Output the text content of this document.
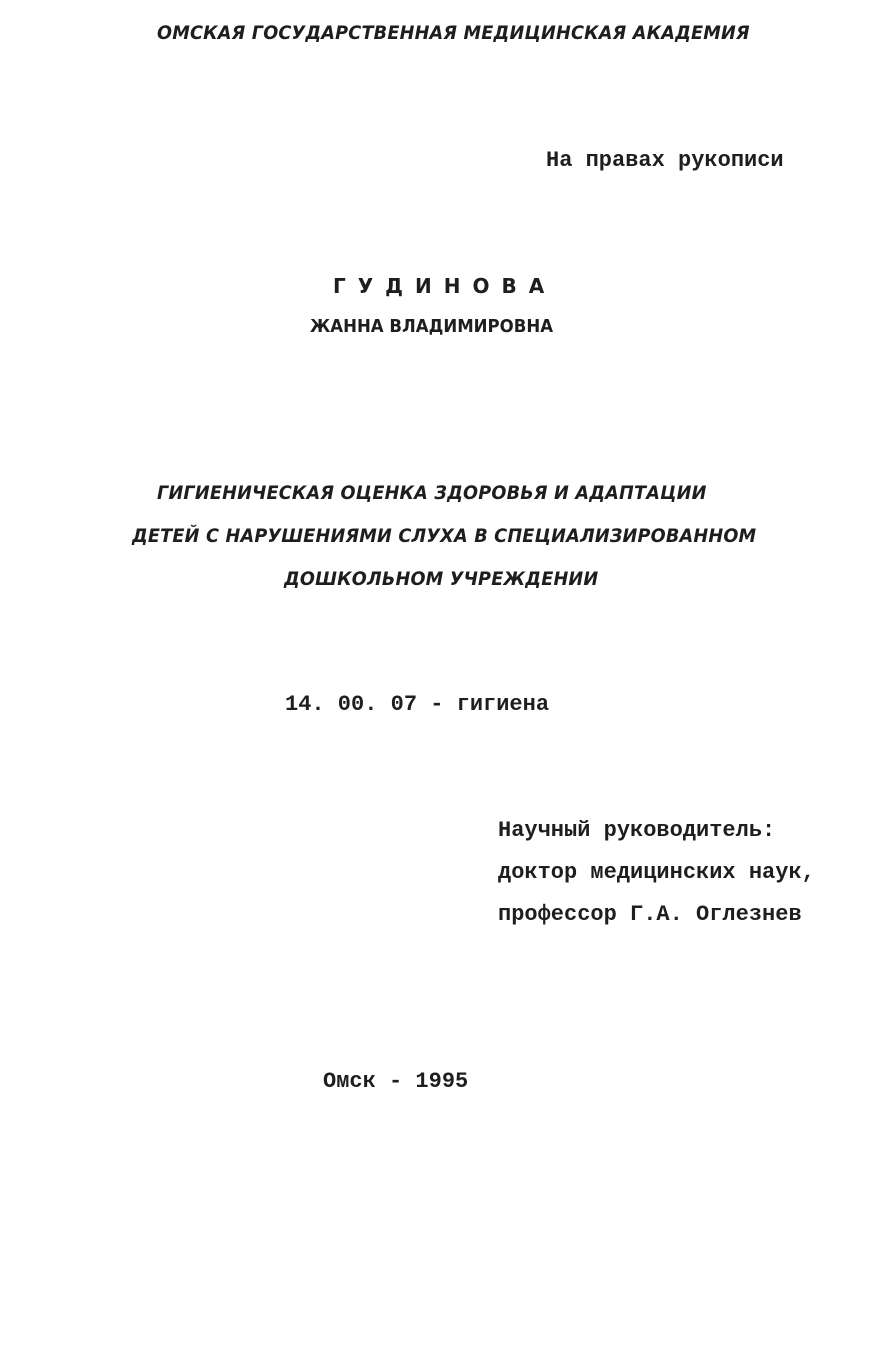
ОМСКАЯ ГОСУДАРСТВЕННАЯ МЕДИЦИНСКАЯ АКАДЕМИЯ
На правах рукописи
ГУДИНОВА
ЖАННА ВЛАДИМИРОВНА
ГИГИЕНИЧЕСКАЯ ОЦЕНКА ЗДОРОВЬЯ И АДАПТАЦИИ
ДЕТЕЙ С НАРУШЕНИЯМИ СЛУХА В СПЕЦИАЛИЗИРОВАННОМ
ДОШКОЛЬНОМ УЧРЕЖДЕНИИ
14. 00. 07 - гигиена
Научный руководитель:
доктор медицинских наук,
профессор Г.А. Оглезнев
Омск - 1995
